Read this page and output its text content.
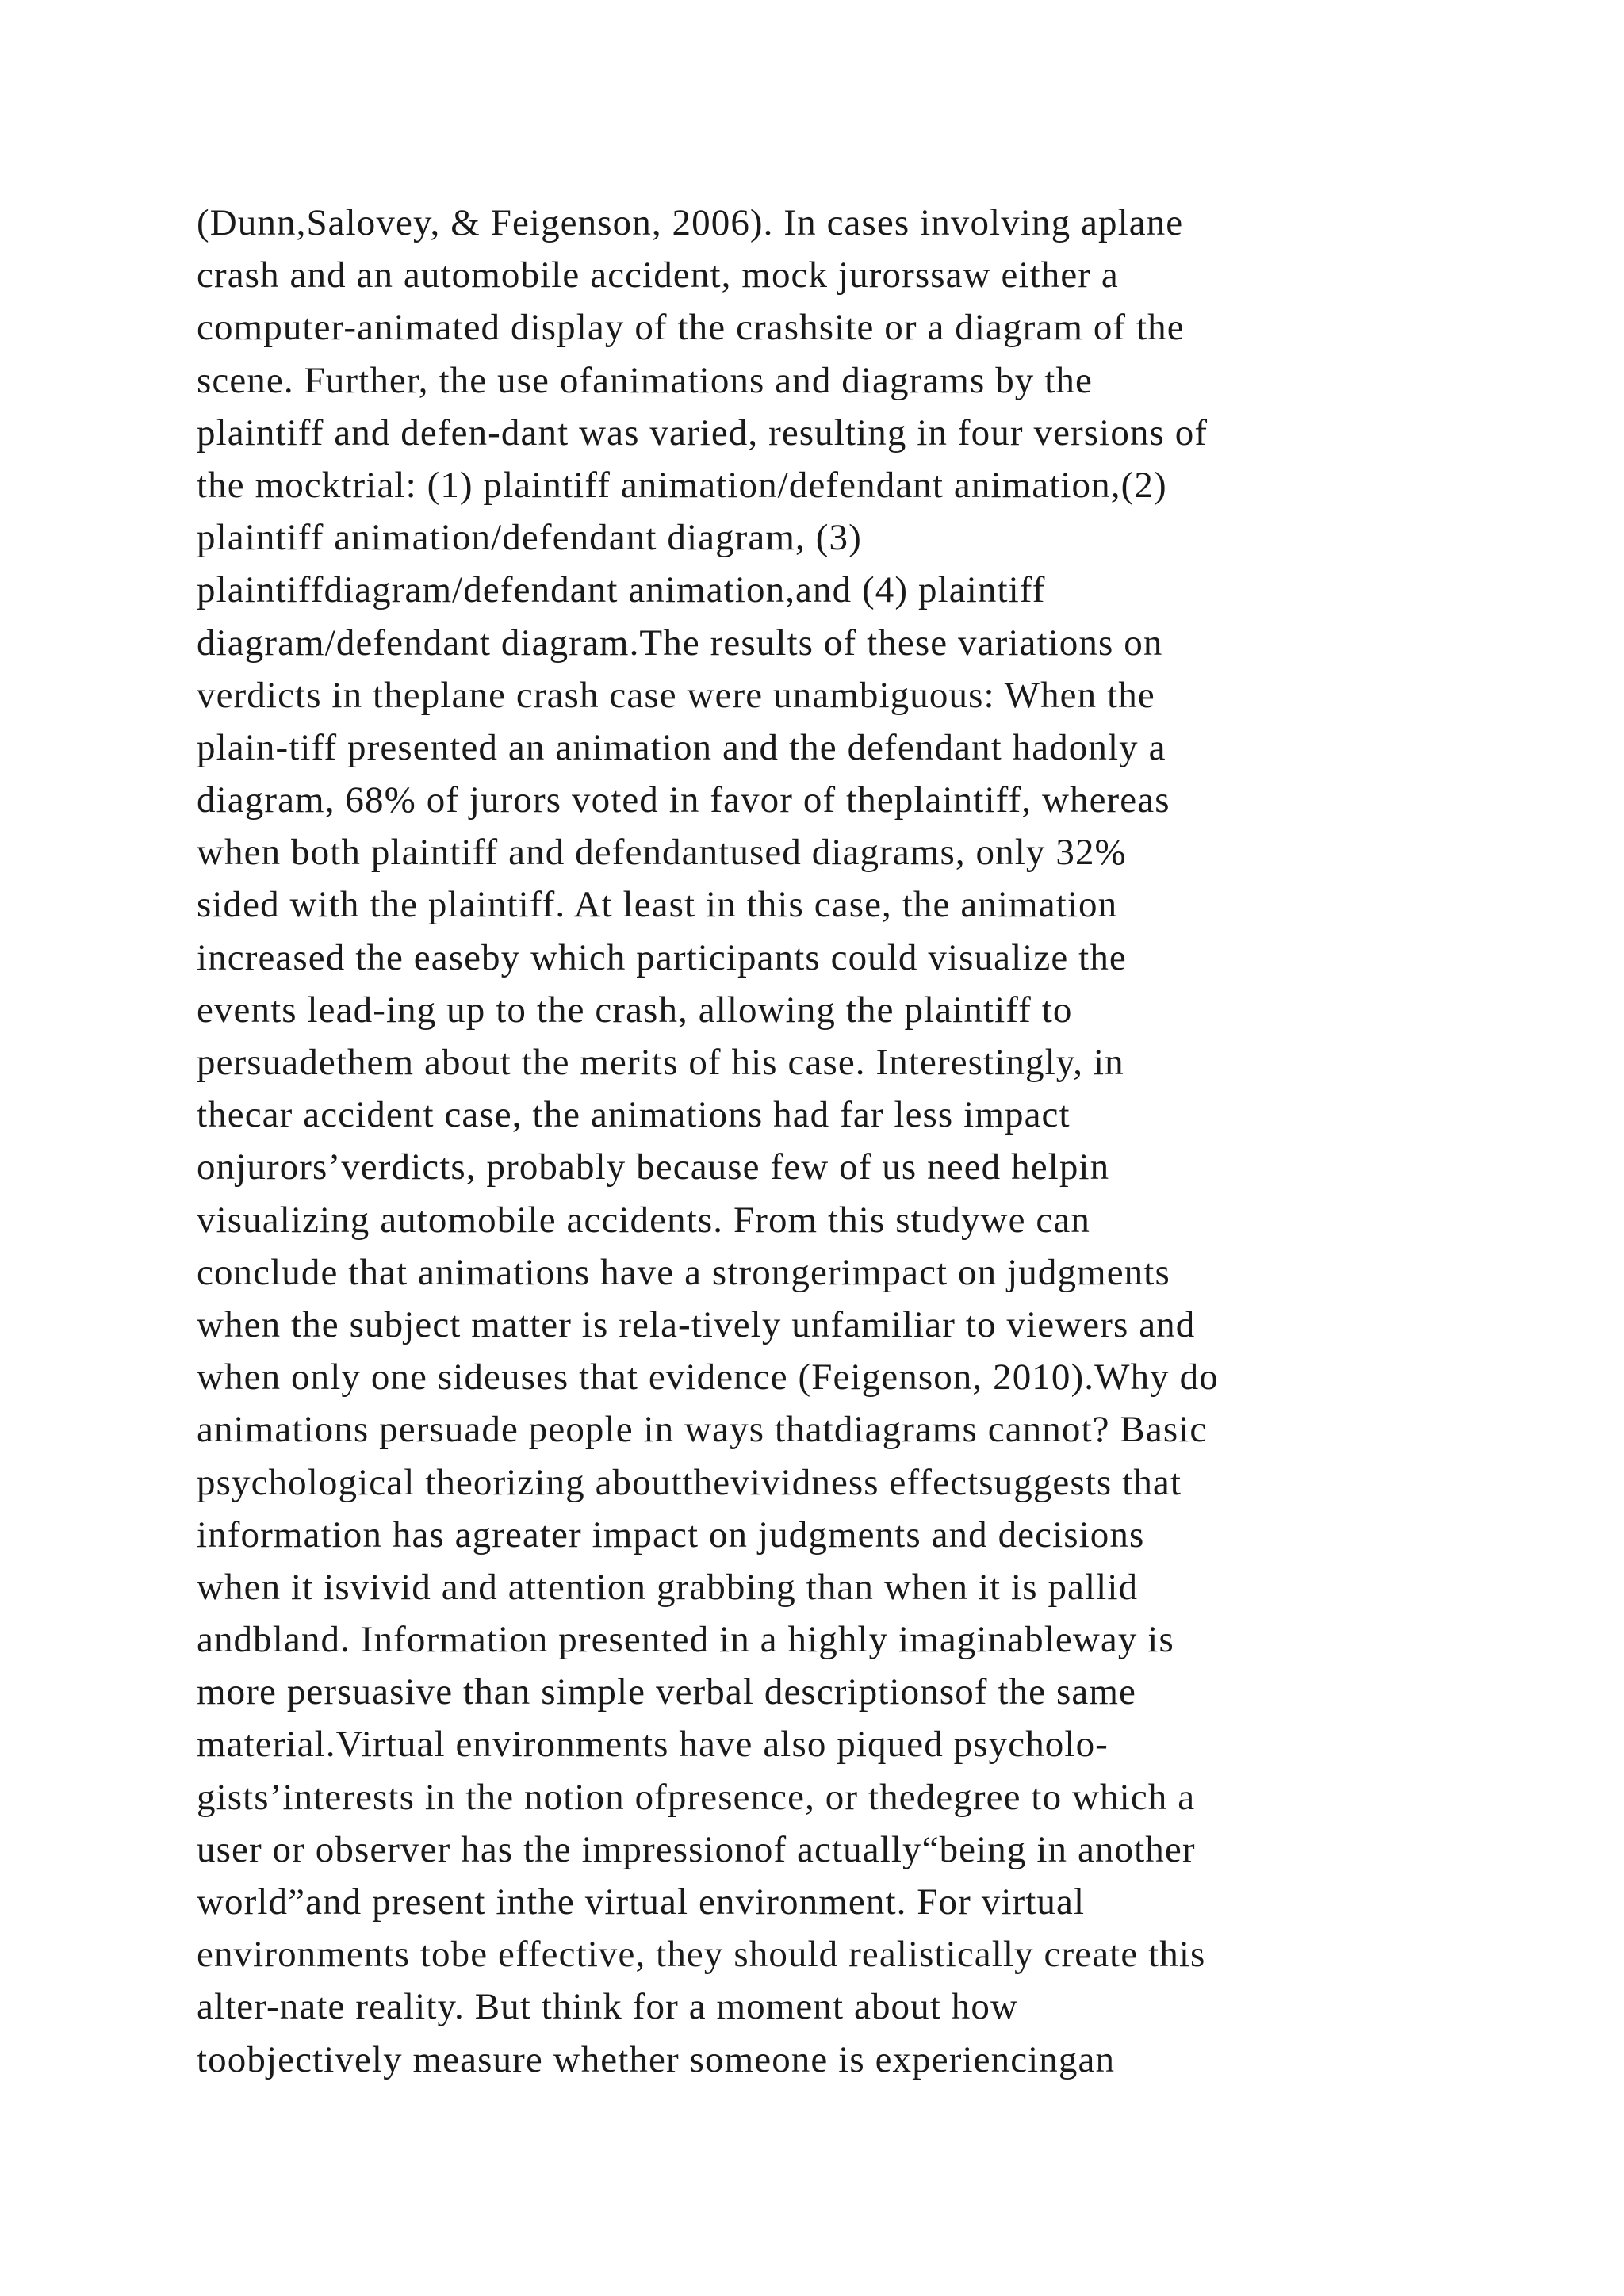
(Dunn,Salovey, & Feigenson, 2006). In cases involving aplane
crash and an automobile accident, mock jurorssaw either a
computer-animated display of the crashsite or a diagram of the
scene. Further, the use ofanimations and diagrams by the
plaintiff and defen-dant was varied, resulting in four versions of
the mocktrial: (1) plaintiff animation/defendant animation,(2)
plaintiff animation/defendant diagram, (3)
plaintiffdiagram/defendant animation,and (4) plaintiff
diagram/defendant diagram.The results of these variations on
verdicts in theplane crash case were unambiguous: When the
plain-tiff presented an animation and the defendant hadonly a
diagram, 68% of jurors voted in favor of theplaintiff, whereas
when both plaintiff and defendantused diagrams, only 32%
sided with the plaintiff. At least in this case, the animation
increased the easeby which participants could visualize the
events lead-ing up to the crash, allowing the plaintiff to
persuadethem about the merits of his case. Interestingly, in
thecar accident case, the animations had far less impact
onjurors’verdicts, probably because few of us need helpin
visualizing automobile accidents. From this studywe can
conclude that animations have a strongerimpact on judgments
when the subject matter is rela-tively unfamiliar to viewers and
when only one sideuses that evidence (Feigenson, 2010).Why do
animations persuade people in ways thatdiagrams cannot? Basic
psychological theorizing aboutthevividness effectsuggests that
information has agreater impact on judgments and decisions
when it isvivid and attention grabbing than when it is pallid
andbland. Information presented in a highly imaginableway is
more persuasive than simple verbal descriptionsof the same
material.Virtual environments have also piqued psycholo-
gists’interests in the notion ofpresence, or thedegree to which a
user or observer has the impressionof actually“being in another
world”and present inthe virtual environment. For virtual
environments tobe effective, they should realistically create this
alter-nate reality. But think for a moment about how
toobjectively measure whether someone is experiencingan
